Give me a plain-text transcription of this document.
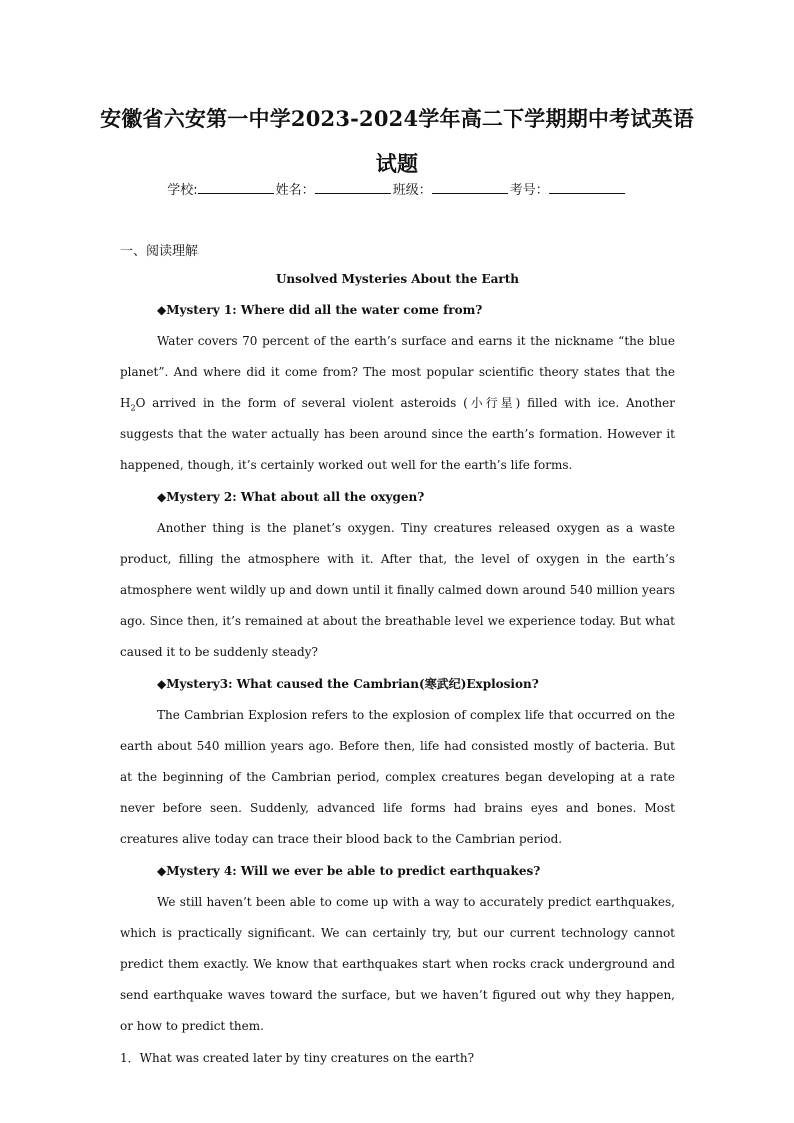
安徽省六安第一中学2023-2024学年高二下学期期中考试英语
试题
学校:	姓名：	班级：	考号：
一、阅读理解
Unsolved Mysteries About the Earth
◆Mystery 1: Where did all the water come from?

Water covers 70 percent of the earth’s surface and earns it the nickname “the blue planet”. And where did it come from? The most popular scientific theory states that the $H_2O$ arrived in the form of several violent asteroids (小行星) filled with ice. Another suggests that the water actually has been around since the earth’s formation. However it happened, though, it’s certainly worked out well for the earth’s life forms.

◆Mystery 2: What about all the oxygen?

Another thing is the planet’s oxygen. Tiny creatures released oxygen as a waste product, filling the atmosphere with it. After that, the level of oxygen in the earth’s atmosphere went wildly up and down until it finally calmed down around 540 million years ago. Since then, it’s remained at about the breathable level we experience today. But what caused it to be suddenly steady?

◆Mystery3: What caused the Cambrian(寒武纪)Explosion?

The Cambrian Explosion refers to the explosion of complex life that occurred on the earth about 540 million years ago. Before then, life had consisted mostly of bacteria. But at the beginning of the Cambrian period, complex creatures began developing at a rate never before seen. Suddenly, advanced life forms had brains eyes and bones. Most creatures alive today can trace their blood back to the Cambrian period.

◆Mystery 4: Will we ever be able to predict earthquakes?

We still haven’t been able to come up with a way to accurately predict earthquakes, which is practically significant. We can certainly try, but our current technology cannot predict them exactly. We know that earthquakes start when rocks crack underground and send earthquake waves toward the surface, but we haven’t figured out why they happen, or how to predict them.

1．What was created later by tiny creatures on the earth?
